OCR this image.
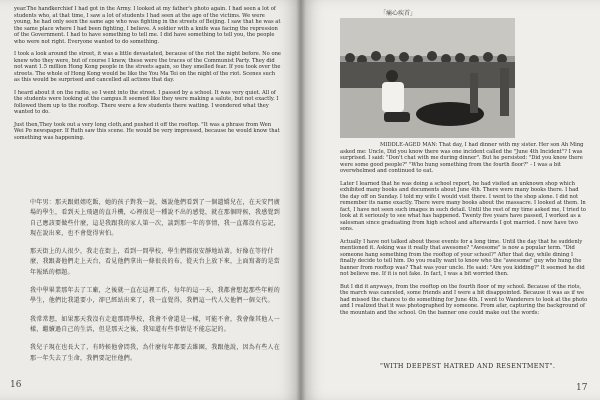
year.The handkerchief I had got in the Army. I looked at my father's photo again. I had seen a lot of students who, at that time, I saw a lot of students I had seen at the age of the victims. We were young, he had only seen the same age who was fighting in the streets of Beijing. I saw that he was at the same place where I had been fighting, I believe. A soldier with a knife was facing the repression of the Government. I had to have something to tell me. I did have something to tell you, the people who were not right. Everyone wanted to do something.

I took a look around the street, it was a little devastated, because of the riot the night before. No one knew who they were, but of course I knew, these were the traces of the Communist Party. They did not want 1.5 million Hong Kong people in the streets again, so they smelled fear. If you took over the streets. The whole of Hong Kong would be like the You Ma Tei on the night of the riot. Scenes such as this would be surprised and cancelled all actions that day.

I heard about it on the radio, so I went into the street. I passed by a school. It was very quiet. All of the students were looking at the campus.It seemed like they were making a salute, but not exactly. I followed them up to the rooftop. There were a few students there waiting. I wondered what they wanted to do.

Just then,They took out a very long cloth,and pushed it off the rooftop. "It was a phrase from Wen Wei Po newspaper. If Ruth saw this scene. He would be very impressed, because he would know that something was happening.

中年男：那天跟姐姐吃飯，她的孩子對我一說，媽說他們看到了一個遺嬌兒在，在天安門廣場的學生，看到天上飛過的直升機，心裡很是一種說不出的感覺，就在那個時候，我感覺到自己應該要做些什麼，這是我跟我的家人第一次，談到那一年的事情，我一直都沒有忘記，現在說出來，也不會覺得害怕。

那天街上的人很少，我走在街上，看到一間學校，學生們都很安靜地站著，好像在等待什麼，我跟著他們走上天台，看見他們拿出一條很長的布，從天台上放下來，上面寫著的是當年報紙的標題。

我中學畢業那年去了工廠，之後就一直在這裡工作，每年的這一天，我都會想起那些年輕的學生，他們比我還要小，卻已經站出來了，我一直覺得，我們這一代人欠他們一個交代。

我常常想，如果那天我沒有走進那間學校，我會不會還是一樣，可能不會，我會像其他人一樣，繼續過自己的生活，但是那天之後，我知道有些事情是不能忘記的。

我兒子現在也長大了，有時候他會問我，為什麼每年都要去維園，我跟他說，因為有些人在那一年失去了生命，我們要記住他們。

16
「痛心疾首」

MIDDLE-AGED MAN: That day, I had dinner with my sister. Her son Ah Ming asked me: Uncle, Did you know there was one incident called the "June 4th Incident"? I was surprised. I said: "Don't chat with me during dinner". But he persisted: "Did you know there were some good people?" "Who hung something from the fourth floor?" - I was a bit overwhelmed and continued to eat.

Later I learned that he was doing a school report, he had visited an unknown shop which exhibited many books and documents about June 4th. There were many books there. I had the day off on Sunday. I told my wife I would visit there. I went to the shop alone. I did not remember its name exactly. There were many books about the massacre. I looked at them. In fact, I have not seen such images in such detail. Until the rest of my time asked me, I tried to look at it seriously to see what has happened. Twenty five years have passed, I worked as a salesman since graduating from high school and afterwards I got married. I now have two sons.

Actually I have not talked about these events for a long time. Until the day that he suddenly mentioned it. Asking was it really that awesome? "Awesome" is now a popular term. "Did someone hang something from the rooftop of your school?" After that day, while dining I finally decide to tell him. Do you really want to know who the "awesome" guy who hung the banner from rooftop was? That was your uncle. He said: "Are you kidding?" It seemed he did not believe me. If it is not fake. In fact, I was a bit worried then.

But I did it anyways, from the rooftop on the fourth floor of my school. Because of the riots, the march was canceled, some friends and I were a bit disappointed. Because it was as if we had missed the chance to do something for June 4th. I went to Wanderers to look at the photo and I realized that it was photographed by someone. From afar, capturing the background of the mountain and the school. On the banner one could make out the words:

"WITH DEEPEST HATRED AND RESENTMENT".
17
